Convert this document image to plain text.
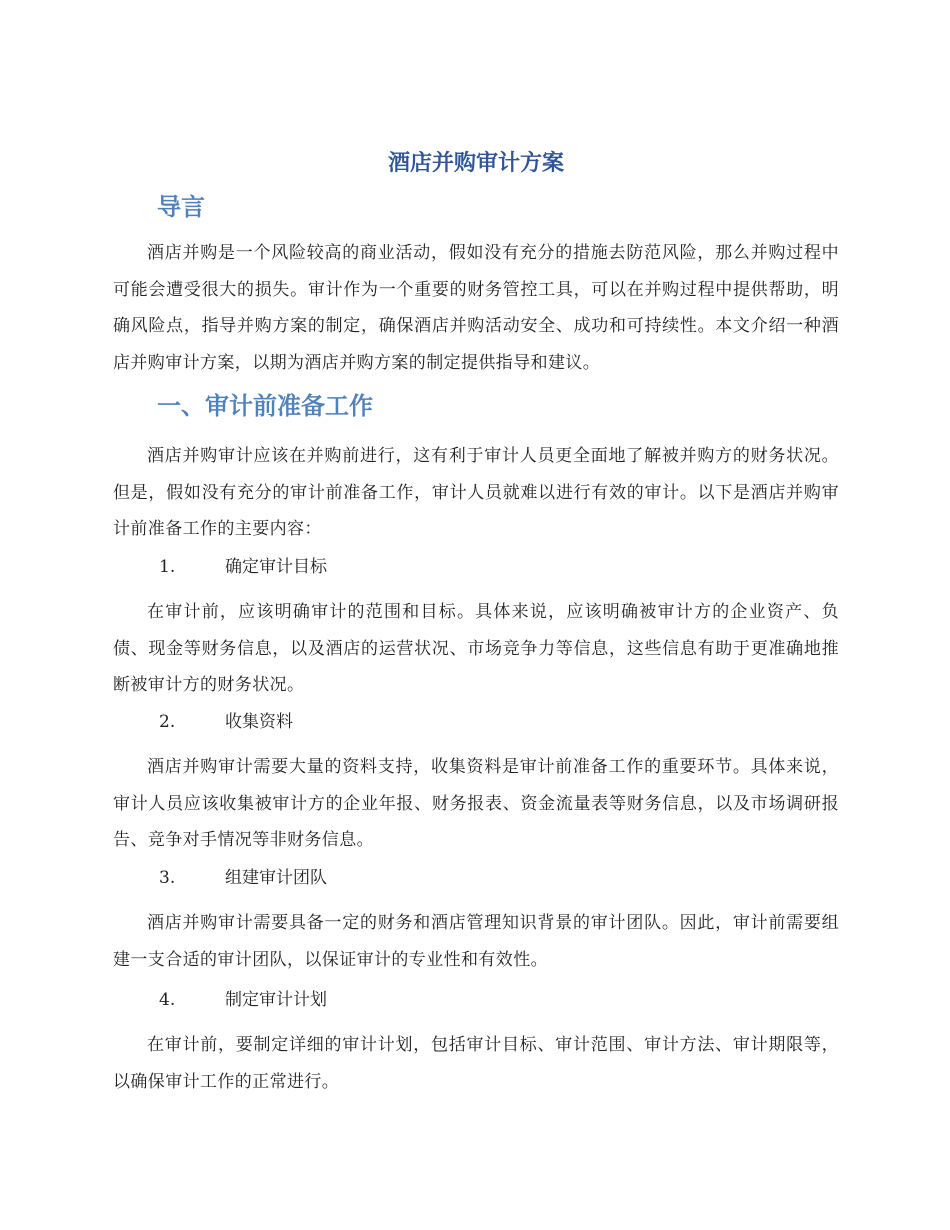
酒店并购审计方案
导言

酒店并购是一个风险较高的商业活动，假如没有充分的措施去防范风险，那么并购过程中可能会遭受很大的损失。审计作为一个重要的财务管控工具，可以在并购过程中提供帮助，明确风险点，指导并购方案的制定，确保酒店并购活动安全、成功和可持续性。本文介绍一种酒店并购审计方案，以期为酒店并购方案的制定提供指导和建议。

一、审计前准备工作

酒店并购审计应该在并购前进行，这有利于审计人员更全面地了解被并购方的财务状况。但是，假如没有充分的审计前准备工作，审计人员就难以进行有效的审计。以下是酒店并购审计前准备工作的主要内容：

1.	确定审计目标

在审计前，应该明确审计的范围和目标。具体来说，应该明确被审计方的企业资产、负债、现金等财务信息，以及酒店的运营状况、市场竞争力等信息，这些信息有助于更准确地推断被审计方的财务状况。

2.	收集资料

酒店并购审计需要大量的资料支持，收集资料是审计前准备工作的重要环节。具体来说，审计人员应该收集被审计方的企业年报、财务报表、资金流量表等财务信息，以及市场调研报告、竞争对手情况等非财务信息。

3.	组建审计团队

酒店并购审计需要具备一定的财务和酒店管理知识背景的审计团队。因此，审计前需要组建一支合适的审计团队，以保证审计的专业性和有效性。

4.	制定审计计划

在审计前，要制定详细的审计计划，包括审计目标、审计范围、审计方法、审计期限等，以确保审计工作的正常进行。
